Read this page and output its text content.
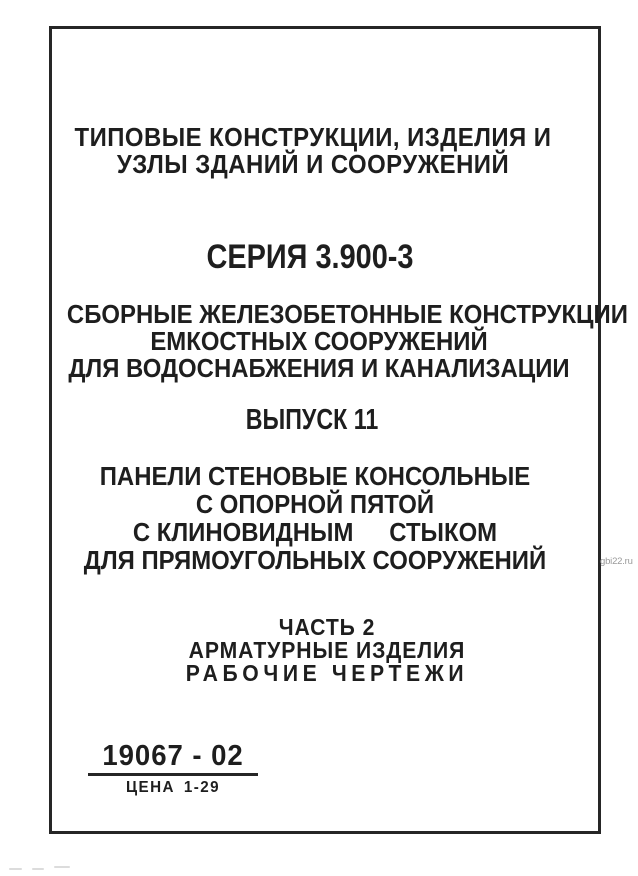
ТИПОВЫЕ КОНСТРУКЦИИ, ИЗДЕЛИЯ И
УЗЛЫ ЗДАНИЙ И СООРУЖЕНИЙ
СЕРИЯ 3.900-3
СБОРНЫЕ ЖЕЛЕЗОБЕТОННЫЕ КОНСТРУКЦИИ
ЕМКОСТНЫХ СООРУЖЕНИЙ
ДЛЯ ВОДОСНАБЖЕНИЯ И КАНАЛИЗАЦИИ
ВЫПУСК 11
ПАНЕЛИ СТЕНОВЫЕ КОНСОЛЬНЫЕ
С ОПОРНОЙ ПЯТОЙ
С КЛИНОВИДНЫМ  СТЫКОМ
ДЛЯ ПРЯМОУГОЛЬНЫХ СООРУЖЕНИЙ
ЧАСТЬ 2
АРМАТУРНЫЕ ИЗДЕЛИЯ
РАБОЧИЕ ЧЕРТЕЖИ
19067 - 02
ЦЕНА 1-29
gbi22.ru
